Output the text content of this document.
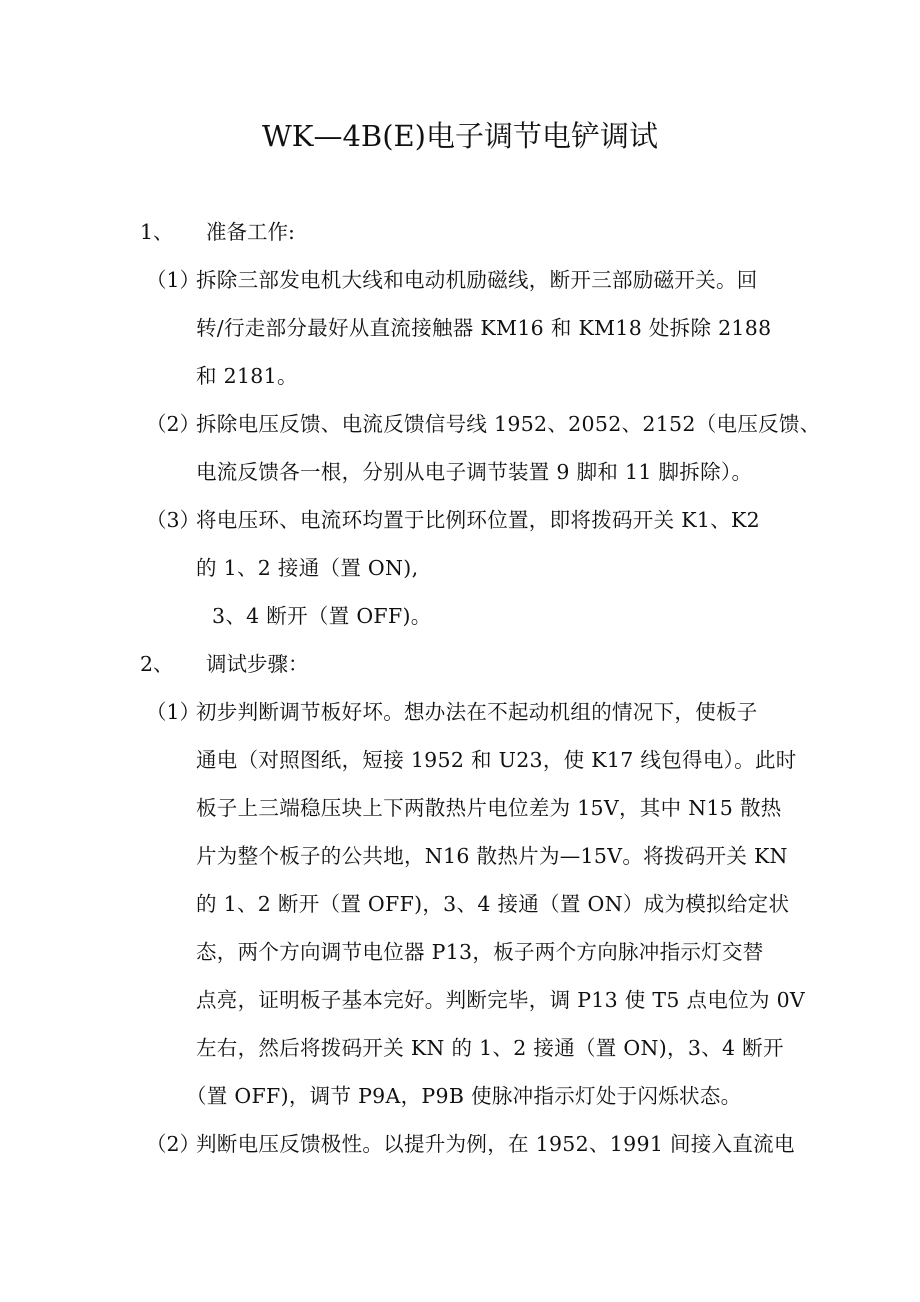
WK—4B(E)电子调节电铲调试
1、 准备工作:
（1）
拆除三部发电机大线和电动机励磁线，断开三部励磁开关。回
转/行走部分最好从直流接触器 KM16 和 KM18 处拆除 2188
和 2181。
（2）
拆除电压反馈、电流反馈信号线 1952、2052、2152（电压反馈、
电流反馈各一根，分别从电子调节装置 9 脚和 11 脚拆除）。
（3）
将电压环、电流环均置于比例环位置，即将拨码开关 K1、K2
的 1、2 接通（置 ON),
3、4 断开（置 OFF)。
2、 调试步骤：
（1）
初步判断调节板好坏。想办法在不起动机组的情况下，使板子
通电（对照图纸，短接 1952 和 U23，使 K17 线包得电）。此时
板子上三端稳压块上下两散热片电位差为 15V，其中 N15 散热
片为整个板子的公共地，N16 散热片为—15V。将拨码开关 KN
的 1、2 断开（置 OFF)，3、4 接通（置 ON）成为模拟给定状
态，两个方向调节电位器 P13，板子两个方向脉冲指示灯交替
点亮，证明板子基本完好。判断完毕，调 P13 使 T5 点电位为 0V
左右，然后将拨码开关 KN 的 1、2 接通（置 ON)，3、4 断开
（置 OFF)，调节 P9A，P9B 使脉冲指示灯处于闪烁状态。
（2）
判断电压反馈极性。以提升为例，在 1952、1991 间接入直流电
